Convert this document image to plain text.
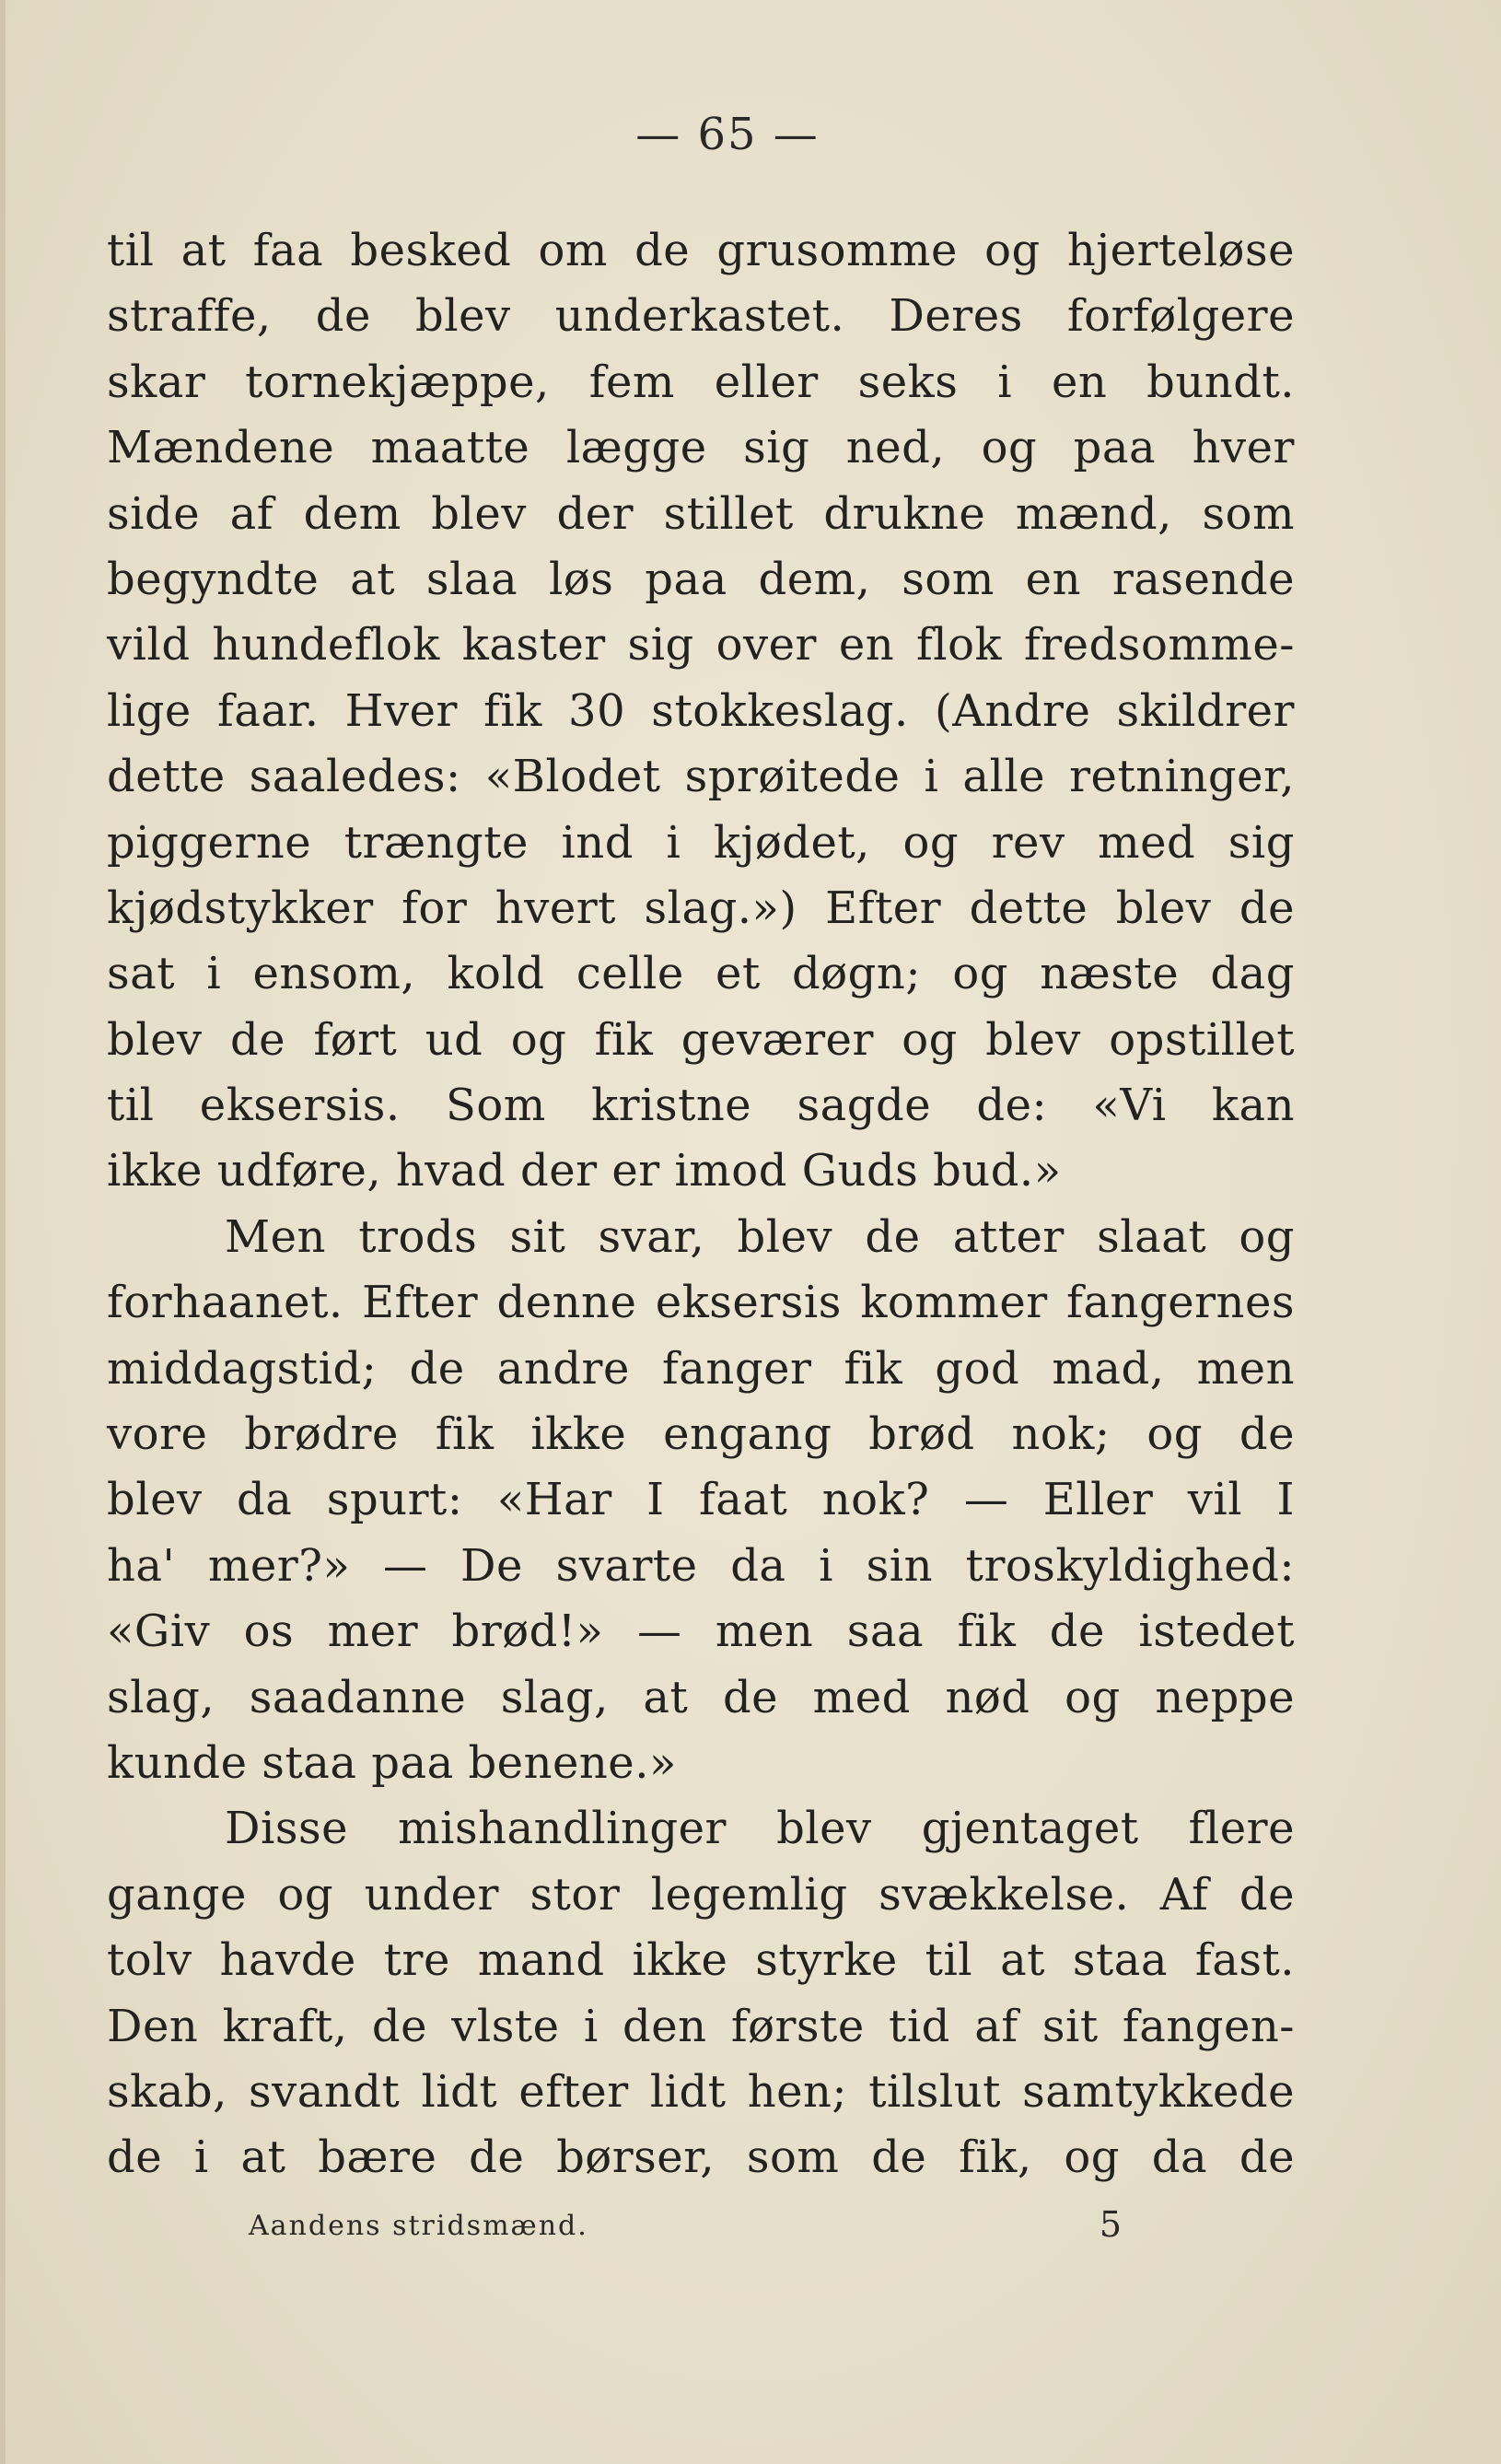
— 65 —
til at faa besked om de grusomme og hjerteløse
straffe, de blev underkastet. Deres forfølgere
skar tornekjæppe, fem eller seks i en bundt.
Mændene maatte lægge sig ned, og paa hver
side af dem blev der stillet drukne mænd, som
begyndte at slaa løs paa dem, som en rasende
vild hundeflok kaster sig over en flok fredsomme-
lige faar. Hver fik 30 stokkeslag. (Andre skildrer
dette saaledes: «Blodet sprøitede i alle retninger,
piggerne trængte ind i kjødet, og rev med sig
kjødstykker for hvert slag.») Efter dette blev de
sat i ensom, kold celle et døgn; og næste dag
blev de ført ud og fik geværer og blev opstillet
til eksersis. Som kristne sagde de: «Vi kan
ikke udføre, hvad der er imod Guds bud.»
Men trods sit svar, blev de atter slaat og
forhaanet. Efter denne eksersis kommer fangernes
middagstid; de andre fanger fik god mad, men
vore brødre fik ikke engang brød nok; og de
blev da spurt: «Har I faat nok? — Eller vil I
ha' mer?» — De svarte da i sin troskyldighed:
«Giv os mer brød!» — men saa fik de istedet
slag, saadanne slag, at de med nød og neppe
kunde staa paa benene.»
Disse mishandlinger blev gjentaget flere
gange og under stor legemlig svækkelse. Af de
tolv havde tre mand ikke styrke til at staa fast.
Den kraft, de vlste i den første tid af sit fangen-
skab, svandt lidt efter lidt hen; tilslut samtykkede
de i at bære de børser, som de fik, og da de
Aandens stridsmænd.	5
